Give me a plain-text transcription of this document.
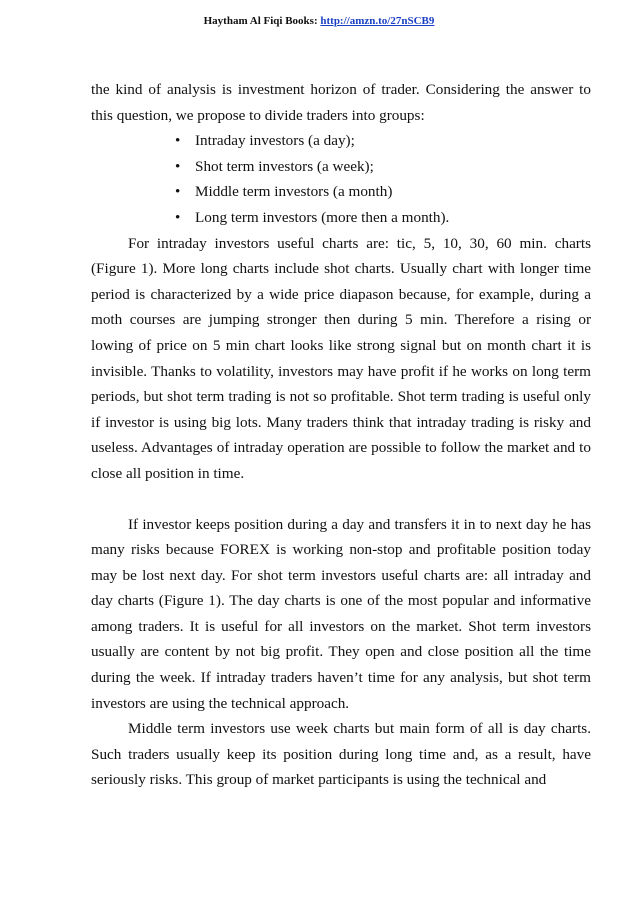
Haytham Al Fiqi Books: http://amzn.to/27nSCB9

the kind of analysis is investment horizon of trader. Considering the answer to this question, we propose to divide traders into groups:

• Intraday investors (a day);
• Shot term investors (a week);
• Middle term investors (a month)
• Long term investors (more then a month).

For intraday investors useful charts are: tic, 5, 10, 30, 60 min. charts (Figure 1). More long charts include shot charts. Usually chart with longer time period is characterized by a wide price diapason because, for example, during a moth courses are jumping stronger then during 5 min. Therefore a rising or lowing of price on 5 min chart looks like strong signal but on month chart it is invisible. Thanks to volatility, investors may have profit if he works on long term periods, but shot term trading is not so profitable. Shot term trading is useful only if investor is using big lots. Many traders think that intraday trading is risky and useless. Advantages of intraday operation are possible to follow the market and to close all position in time.

If investor keeps position during a day and transfers it in to next day he has many risks because FOREX is working non-stop and profitable position today may be lost next day. For shot term investors useful charts are: all intraday and day charts (Figure 1). The day charts is one of the most popular and informative among traders. It is useful for all investors on the market. Shot term investors usually are content by not big profit. They open and close position all the time during the week. If intraday traders haven’t time for any analysis, but shot term investors are using the technical approach.

Middle term investors use week charts but main form of all is day charts. Such traders usually keep its position during long time and, as a result, have seriously risks. This group of market participants is using the technical and
